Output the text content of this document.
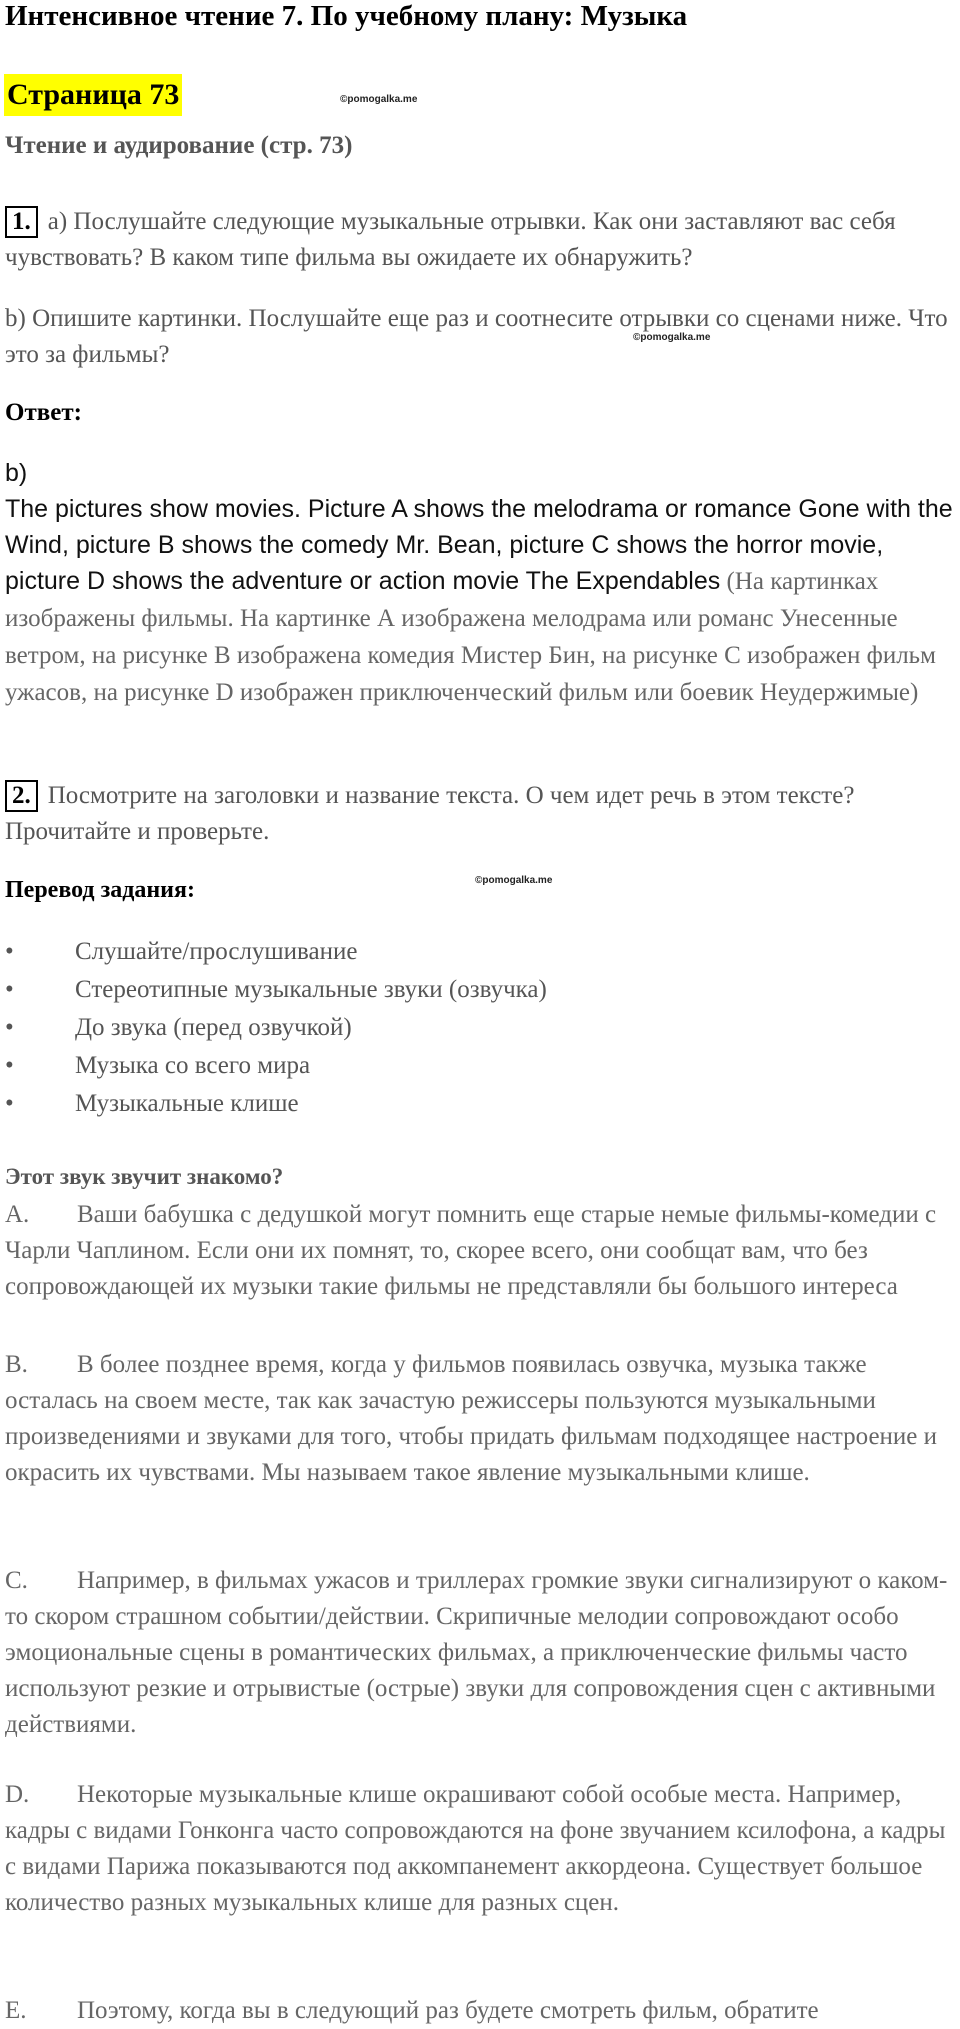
Интенсивное чтение 7. По учебному плану: Музыка
Страница 73	©pomogalka.me
Чтение и аудирование (стр. 73)
1. а) Послушайте следующие музыкальные отрывки. Как они заставляют вас себя чувствовать? В каком типе фильма вы ожидаете их обнаружить?
b) Опишите картинки. Послушайте еще раз и соотнесите отрывки со сценами ниже. Что это за фильмы?
©pomogalka.me
Ответ:
b)
The pictures show movies. Picture A shows the melodrama or romance Gone with the Wind, picture B shows the comedy Mr. Bean, picture C shows the horror movie, picture D shows the adventure or action movie The Expendables (На картинках изображены фильмы. На картинке А изображена мелодрама или романс Унесенные ветром, на рисунке В изображена комедия Мистер Бин, на рисунке С изображен фильм ужасов, на рисунке D изображен приключенческий фильм или боевик Неудержимые)
2. Посмотрите на заголовки и название текста. О чем идет речь в этом тексте? Прочитайте и проверьте.
©pomogalka.me
Перевод задания:
• Слушайте/прослушивание
• Стереотипные музыкальные звуки (озвучка)
• До звука (перед озвучкой)
• Музыка со всего мира
• Музыкальные клише
Этот звук звучит знакомо?
A. Ваши бабушка с дедушкой могут помнить еще старые немые фильмы-комедии с Чарли Чаплином. Если они их помнят, то, скорее всего, они сообщат вам, что без сопровождающей их музыки такие фильмы не представляли бы большого интереса
B. В более позднее время, когда у фильмов появилась озвучка, музыка также осталась на своем месте, так как зачастую режиссеры пользуются музыкальными произведениями и звуками для того, чтобы придать фильмам подходящее настроение и окрасить их чувствами. Мы называем такое явление музыкальными клише.
C. Например, в фильмах ужасов и триллерах громкие звуки сигнализируют о каком-то скором страшном событии/действии. Скрипичные мелодии сопровождают особо эмоциональные сцены в романтических фильмах, а приключенческие фильмы часто используют резкие и отрывистые (острые) звуки для сопровождения сцен с активными действиями.
D. Некоторые музыкальные клише окрашивают собой особые места. Например, кадры с видами Гонконга часто сопровождаются на фоне звучанием ксилофона, а кадры с видами Парижа показываются под аккомпанемент аккордеона. Существует большое количество разных музыкальных клише для разных сцен.
E. Поэтому, когда вы в следующий раз будете смотреть фильм, обратите
